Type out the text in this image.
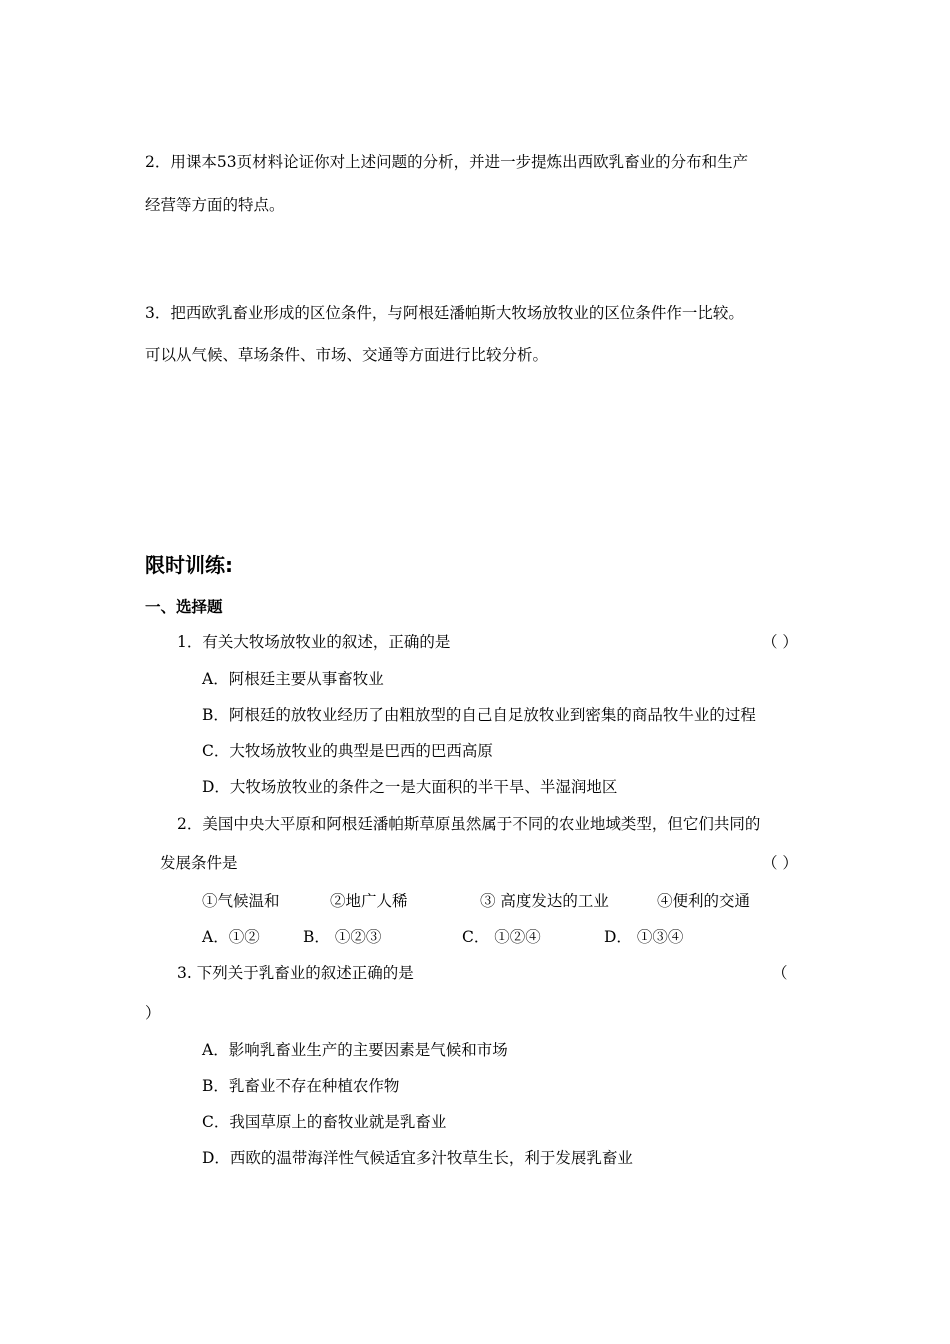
2．用课本53页材料论证你对上述问题的分析，并进一步提炼出西欧乳畜业的分布和生产
经营等方面的特点。
3．把西欧乳畜业形成的区位条件，与阿根廷潘帕斯大牧场放牧业的区位条件作一比较。
可以从气候、草场条件、市场、交通等方面进行比较分析。
限时训练:
一、选择题
1．有关大牧场放牧业的叙述，正确的是	（ ）
A．阿根廷主要从事畜牧业
B．阿根廷的放牧业经历了由粗放型的自己自足放牧业到密集的商品牧牛业的过程
C．大牧场放牧业的典型是巴西的巴西高原
D．大牧场放牧业的条件之一是大面积的半干旱、半湿润地区
2．美国中央大平原和阿根廷潘帕斯草原虽然属于不同的农业地域类型，但它们共同的
发展条件是	（ ）
①气候温和	②地广人稀	③ 高度发达的工业	④便利的交通
A．①②	B． ①②③	C． ①②④	D． ①③④
3. 下列关于乳畜业的叙述正确的是	（
）
A．影响乳畜业生产的主要因素是气候和市场
B．乳畜业不存在种植农作物
C．我国草原上的畜牧业就是乳畜业
D．西欧的温带海洋性气候适宜多汁牧草生长，利于发展乳畜业
